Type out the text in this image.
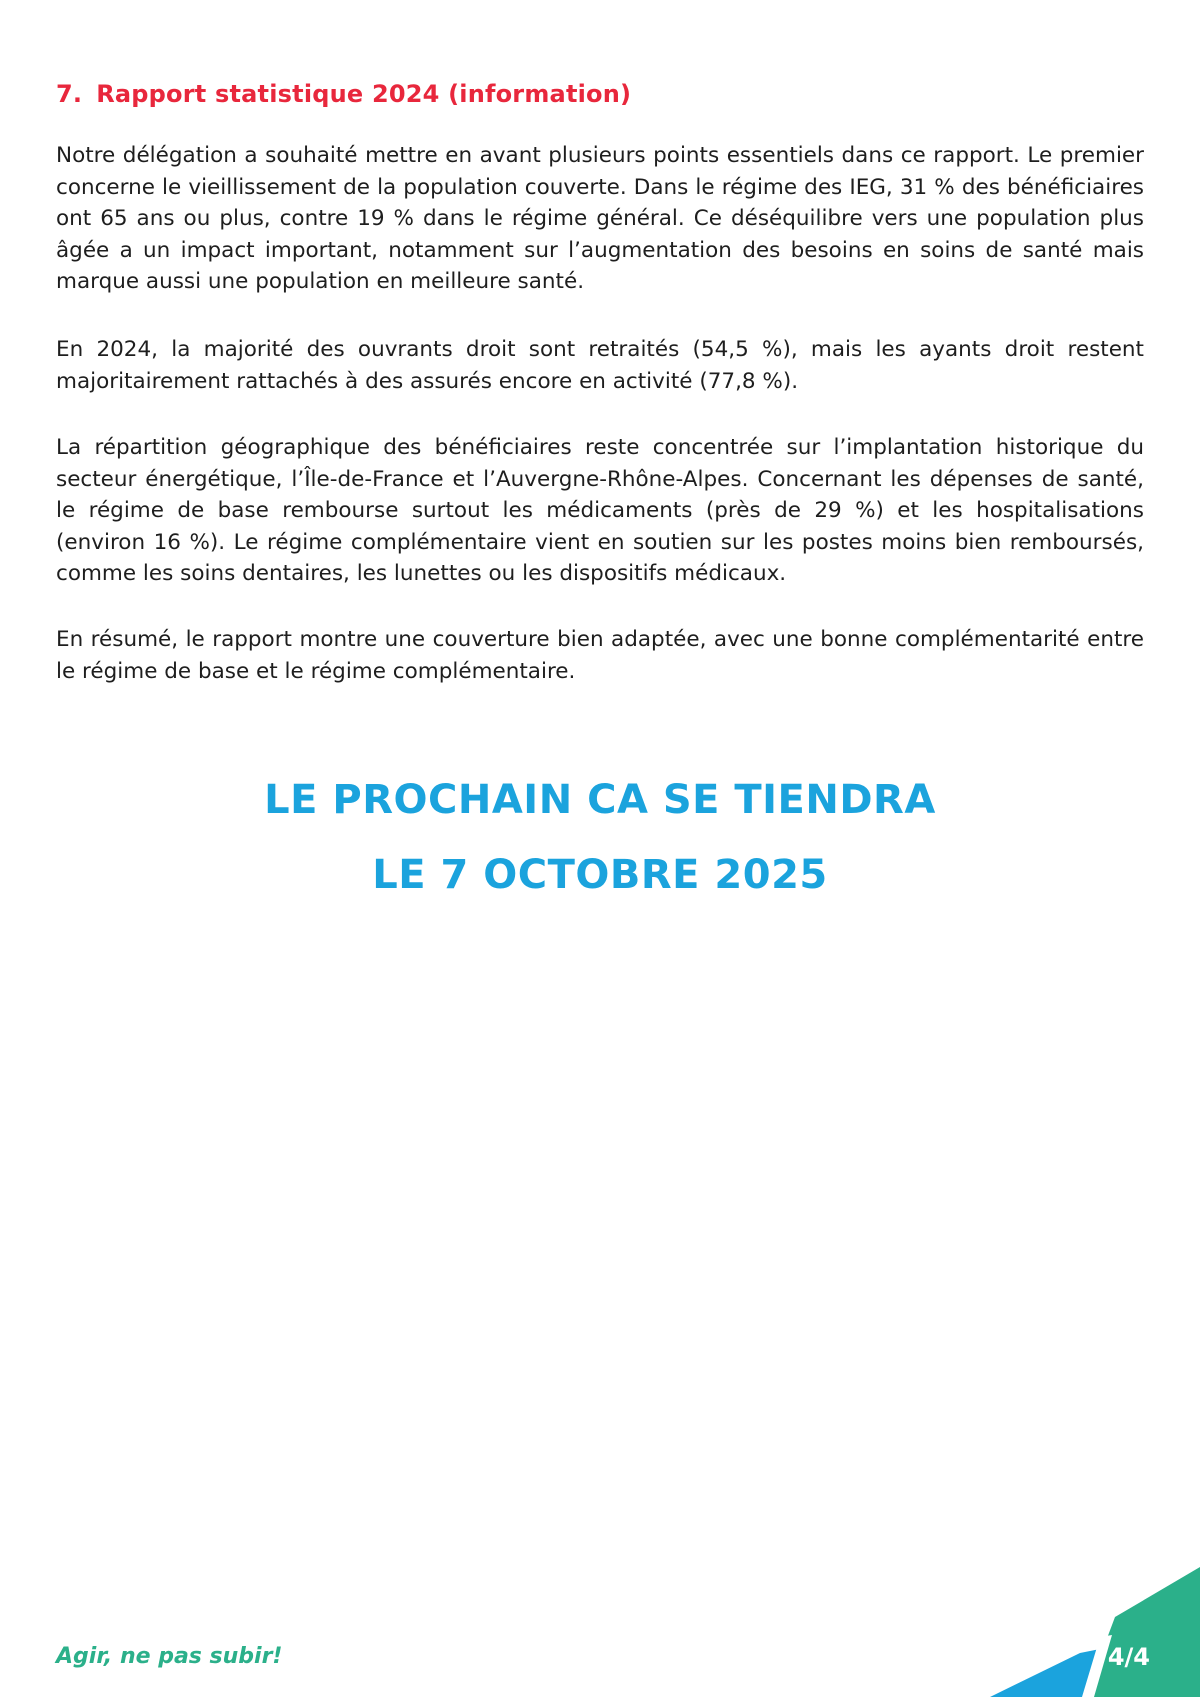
7. Rapport statistique 2024 (information)

Notre délégation a souhaité mettre en avant plusieurs points essentiels dans ce rapport. Le premier concerne le vieillissement de la population couverte. Dans le régime des IEG, 31 % des bénéficiaires ont 65 ans ou plus, contre 19 % dans le régime général. Ce déséquilibre vers une population plus âgée a un impact important, notamment sur l’augmentation des besoins en soins de santé mais marque aussi une population en meilleure santé.

En 2024, la majorité des ouvrants droit sont retraités (54,5 %), mais les ayants droit restent majoritairement rattachés à des assurés encore en activité (77,8 %).

La répartition géographique des bénéficiaires reste concentrée sur l’implantation historique du secteur énergétique, l’Île-de-France et l’Auvergne-Rhône-Alpes. Concernant les dépenses de santé, le régime de base rembourse surtout les médicaments (près de 29 %) et les hospitalisations (environ 16 %). Le régime complémentaire vient en soutien sur les postes moins bien remboursés, comme les soins dentaires, les lunettes ou les dispositifs médicaux.

En résumé, le rapport montre une couverture bien adaptée, avec une bonne complémentarité entre le régime de base et le régime complémentaire.

LE PROCHAIN CA SE TIENDRA

LE 7 OCTOBRE 2025

Agir, ne pas subir!	4/4
